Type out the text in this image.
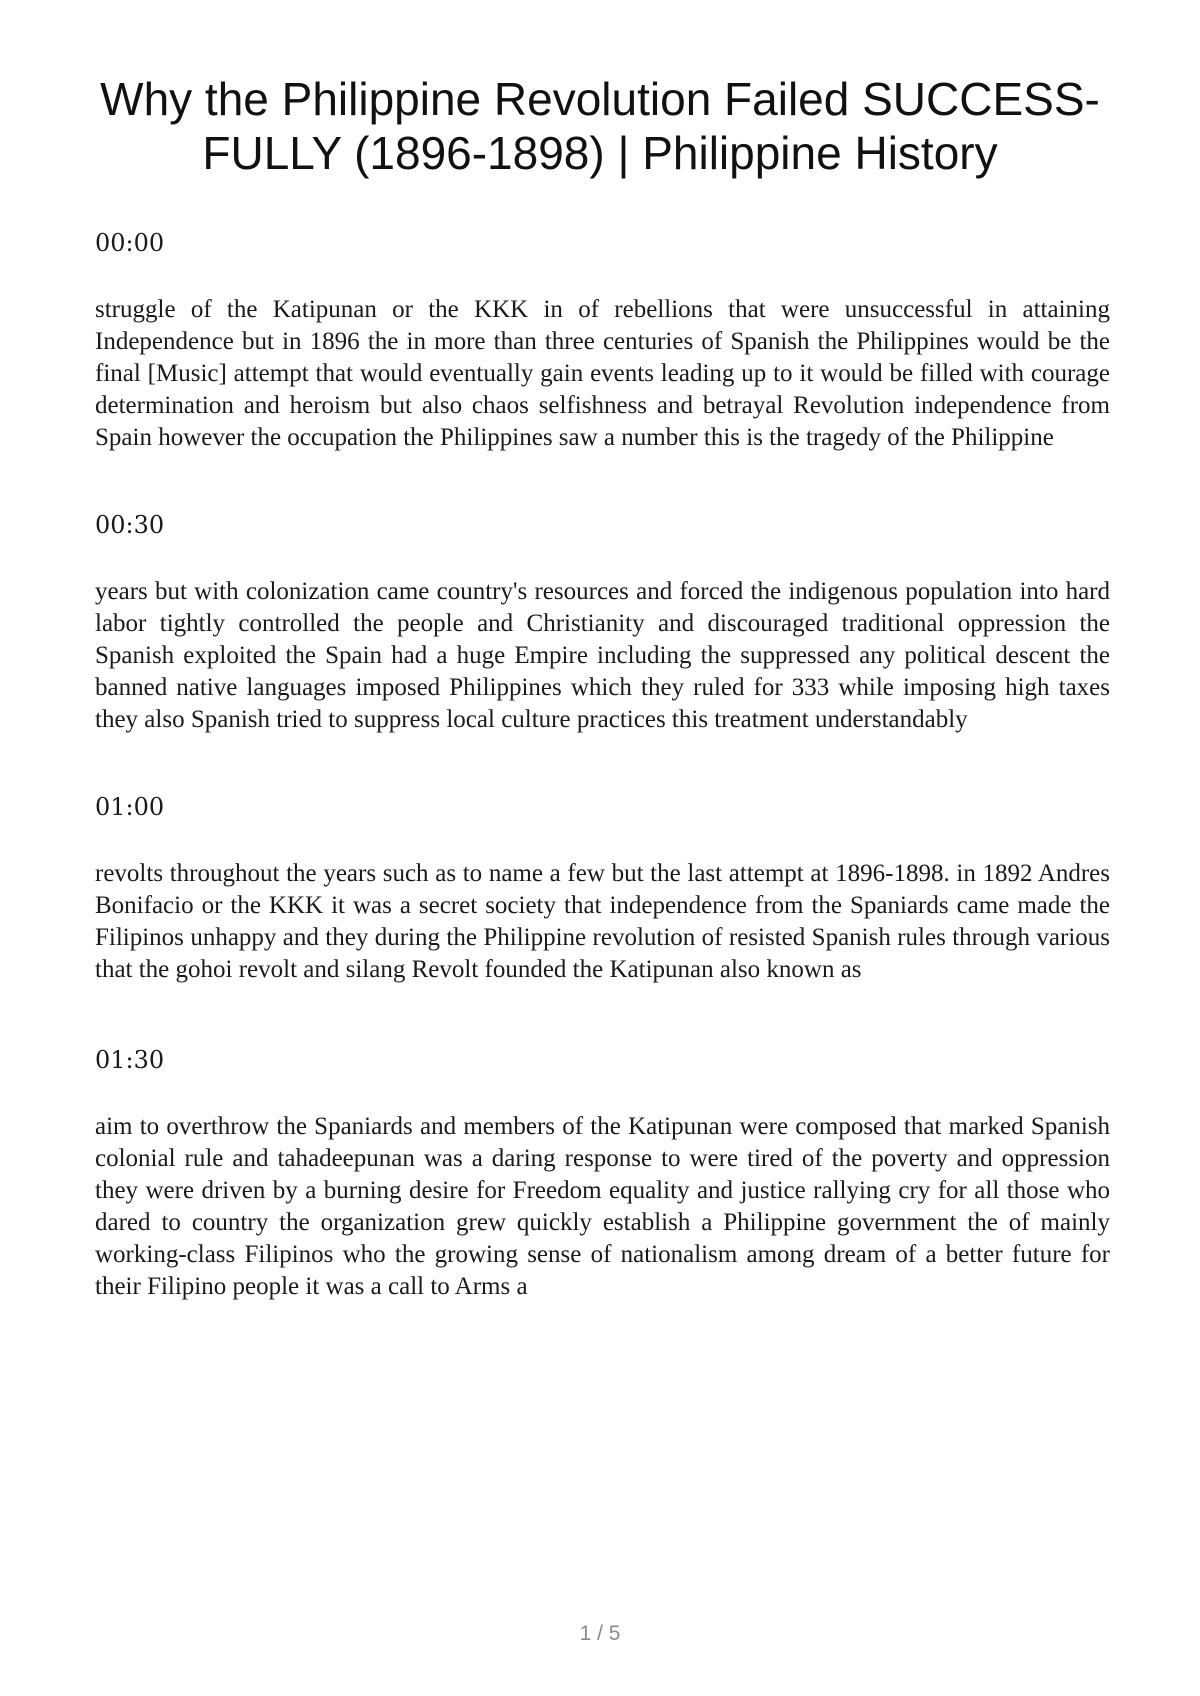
Why the Philippine Revolution Failed SUCCESS-FULLY (1896-1898) | Philippine History
00:00

struggle of the Katipunan or the KKK in of rebellions that were unsuccessful in attaining Independence but in 1896 the in more than three centuries of Spanish the Philippines would be the final [Music] attempt that would eventually gain events leading up to it would be filled with courage determination and heroism but also chaos selfishness and betrayal Revolution independence from Spain however the occupation the Philippines saw a number this is the tragedy of the Philippine

00:30

years but with colonization came country's resources and forced the indigenous population into hard labor tightly controlled the people and Christianity and discouraged traditional oppression the Spanish exploited the Spain had a huge Empire including the suppressed any political descent the banned native languages imposed Philippines which they ruled for 333 while imposing high taxes they also Spanish tried to suppress local culture practices this treatment understandably

01:00

revolts throughout the years such as to name a few but the last attempt at 1896-1898. in 1892 Andres Bonifacio or the KKK it was a secret society that independence from the Spaniards came made the Filipinos unhappy and they during the Philippine revolution of resisted Spanish rules through various that the gohoi revolt and silang Revolt founded the Katipunan also known as

01:30

aim to overthrow the Spaniards and members of the Katipunan were composed that marked Spanish colonial rule and tahadeepunan was a daring response to were tired of the poverty and oppression they were driven by a burning desire for Freedom equality and justice rallying cry for all those who dared to country the organization grew quickly establish a Philippine government the of mainly working-class Filipinos who the growing sense of nationalism among dream of a better future for their Filipino people it was a call to Arms a

1 / 5
